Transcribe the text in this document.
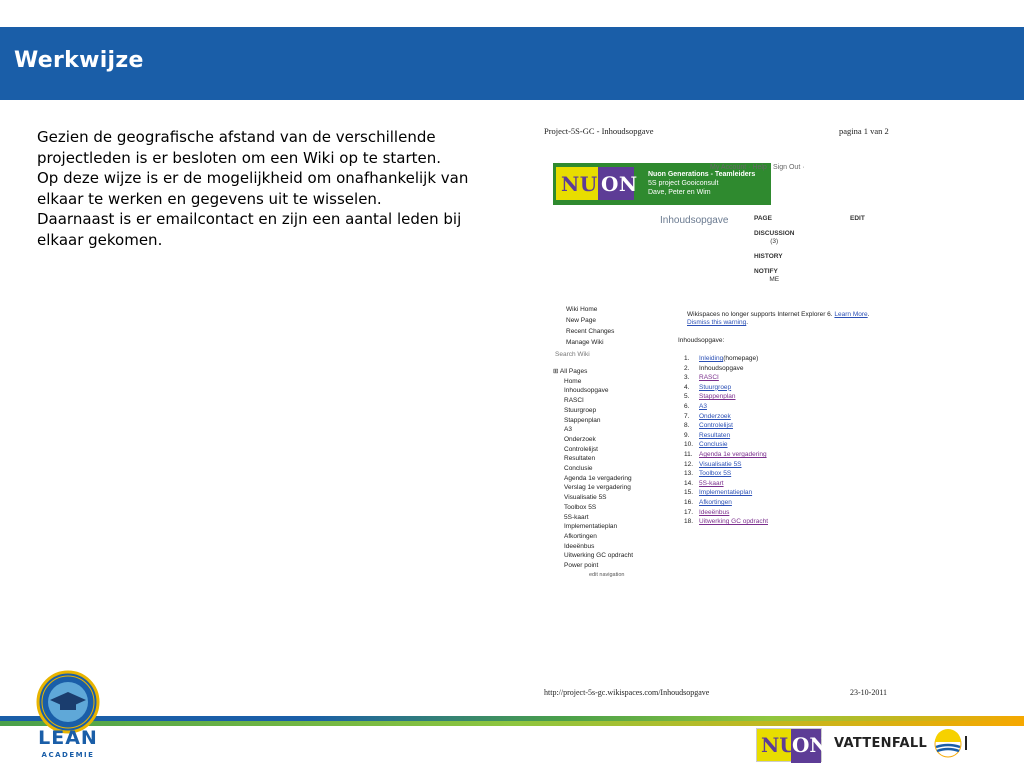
Werkwijze

Gezien de geografische afstand van de verschillende projectleden is er besloten om een Wiki op te starten.

Op deze wijze is er de mogelijkheid om onafhankelijk van elkaar te werken en gegevens uit te wisselen.

Daarnaast is er emailcontact en zijn een aantal leden bij elkaar gekomen.

Project-5S-GC - Inhoudsopgave	pagina 1 van 2
NU ON Nuon Generations - Teamleiders
5S project Gooiconsult
Dave, Peter en Wim
My Account · Help · Sign Out ·
Inhoudsopgave	PAGE
DISCUSSION
(3)
HISTORY
NOTIFY
ME
EDIT
Wiki Home
New Page
Recent Changes
Manage Wiki
Search Wiki
⊞ All Pages
Home
Inhoudsopgave
RASCI
Stuurgroep
Stappenplan
A3
Onderzoek
Controlelijst
Resultaten
Conclusie
Agenda 1e vergadering
Verslag 1e vergadering
Visualisatie 5S
Toolbox 5S
5S-kaart
Implementatieplan
Afkortingen
Ideeënbus
Uitwerking GC opdracht
Power point
edit navigation
Wikispaces no longer supports Internet Explorer 6. Learn More. Dismiss this warning.
Inhoudsopgave:
1.	Inleiding (homepage)
2.	Inhoudsopgave
3.	RASCI
4.	Stuurgroep
5.	Stappenplan
6.	A3
7.	Onderzoek
8.	Controlelijst
9.	Resultaten
10. Conclusie
11. Agenda 1e vergadering
12. Visualisatie 5S
13. Toolbox 5S
14. 5S-kaart
15. Implementatieplan
16. Afkortingen
17. Ideeënbus
18. Uitwerking GC opdracht
http://project-5s-gc.wikispaces.com/Inhoudsopgave	23-10-2011
LEAN
ACADEMIE	NU
ON VATTENFALL
